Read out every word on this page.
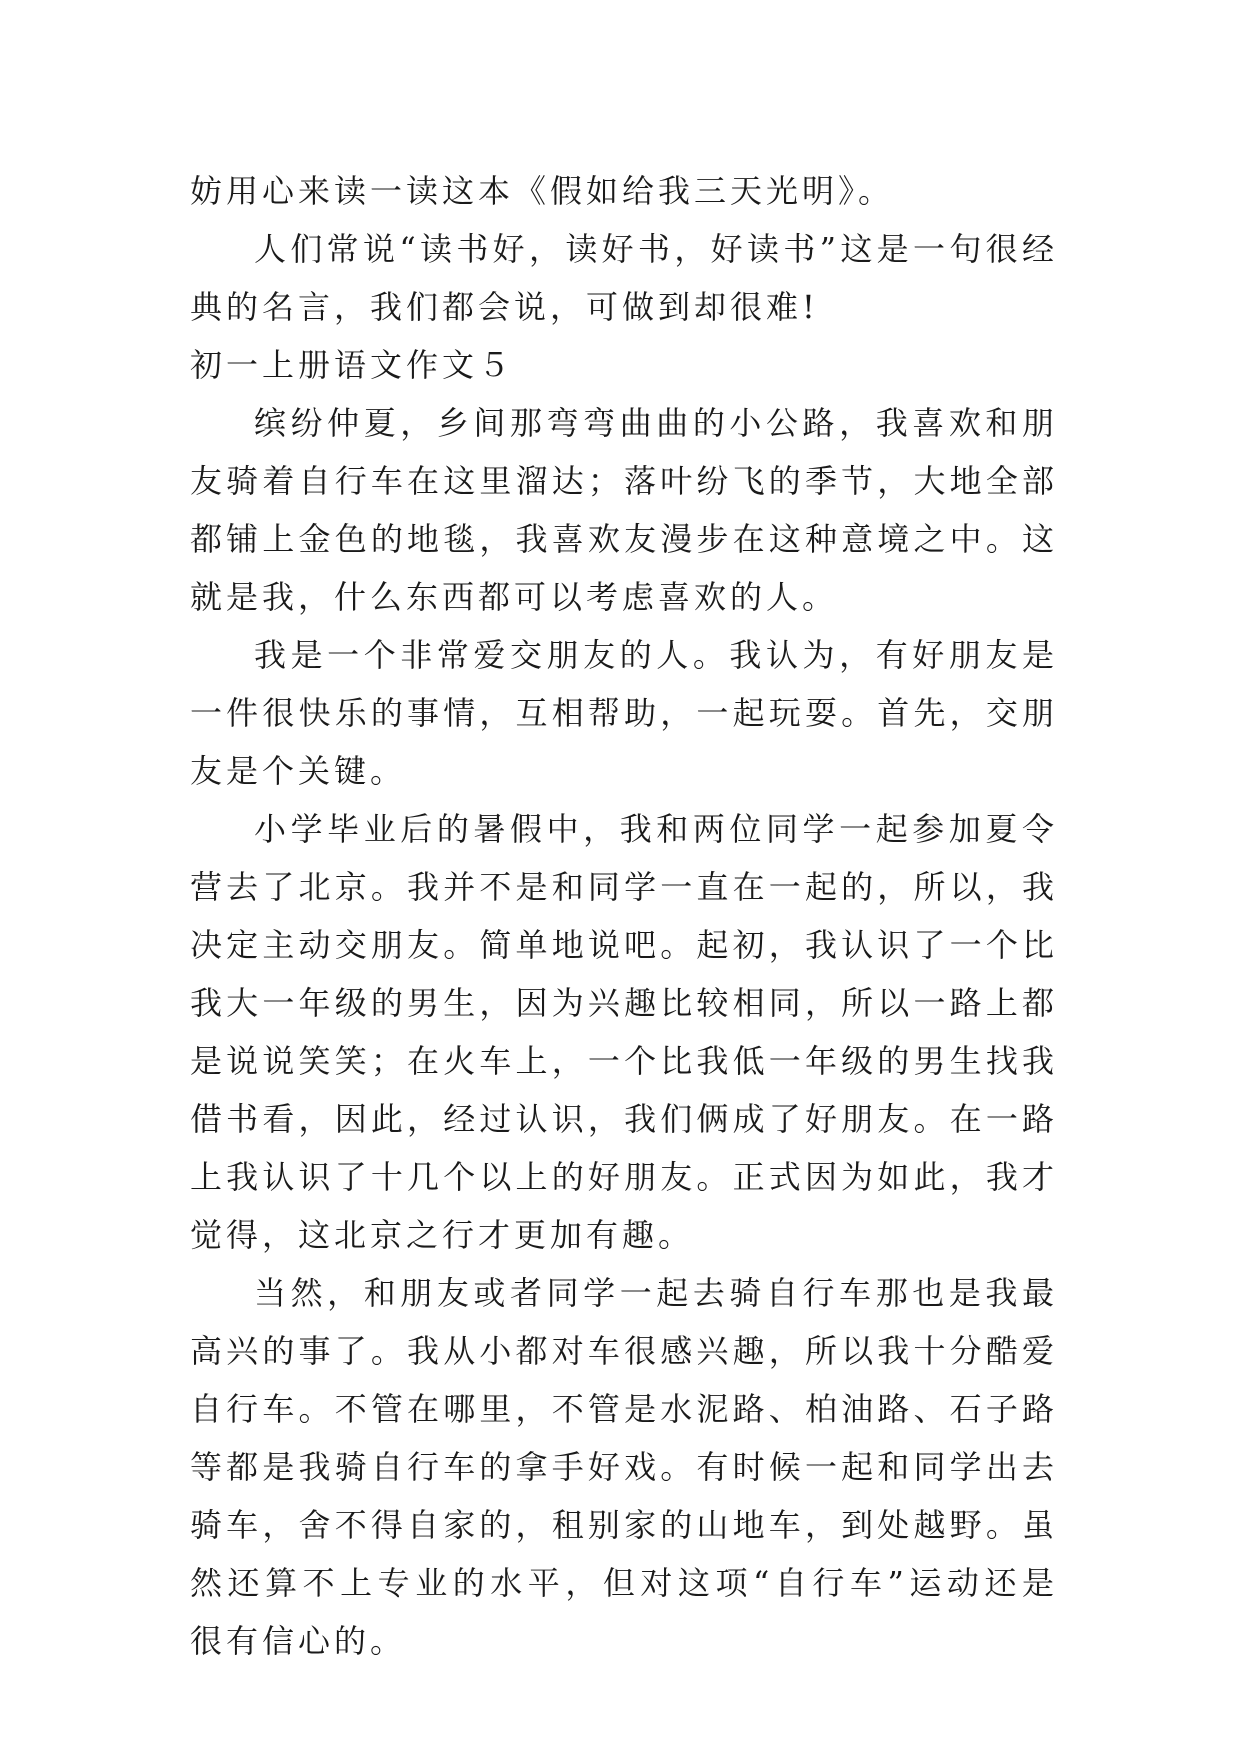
妨用心来读一读这本《假如给我三天光明》。

人们常说“读书好，读好书，好读书”这是一句很经典的名言，我们都会说，可做到却很难!

初一上册语文作文５

缤纷仲夏，乡间那弯弯曲曲的小公路，我喜欢和朋友骑着自行车在这里溜达；落叶纷飞的季节，大地全部都铺上金色的地毯，我喜欢友漫步在这种意境之中。这就是我，什么东西都可以考虑喜欢的人。

我是一个非常爱交朋友的人。我认为，有好朋友是一件很快乐的事情，互相帮助，一起玩耍。首先，交朋友是个关键。

小学毕业后的暑假中，我和两位同学一起参加夏令营去了北京。我并不是和同学一直在一起的，所以，我决定主动交朋友。简单地说吧。起初，我认识了一个比我大一年级的男生，因为兴趣比较相同，所以一路上都是说说笑笑；在火车上，一个比我低一年级的男生找我借书看，因此，经过认识，我们俩成了好朋友。在一路上我认识了十几个以上的好朋友。正式因为如此，我才觉得，这北京之行才更加有趣。

当然，和朋友或者同学一起去骑自行车那也是我最高兴的事了。我从小都对车很感兴趣，所以我十分酷爱自行车。不管在哪里，不管是水泥路、柏油路、石子路等都是我骑自行车的拿手好戏。有时候一起和同学出去骑车，舍不得自家的，租别家的山地车，到处越野。虽然还算不上专业的水平，但对这项“自行车”运动还是很有信心的。
